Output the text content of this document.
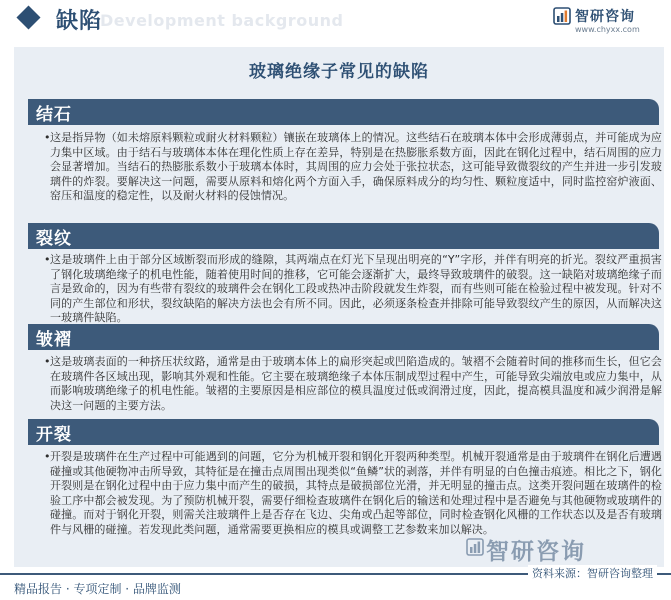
Development background
缺陷	智研咨询
www.chyxx.com
玻璃绝缘子常见的缺陷
结石
• 这是指异物（如未熔原料颗粒或耐火材料颗粒）镶嵌在玻璃体上的情况。这些结石在玻璃本体中会形成薄弱点，并可能成为应力集中区域。由于结石与玻璃体本体在理化性质上存在差异，特别是在热膨胀系数方面，因此在钢化过程中，结石周围的应力会显著增加。当结石的热膨胀系数小于玻璃本体时，其周围的应力会处于张拉状态，这可能导致微裂纹的产生并进一步引发玻璃件的炸裂。要解决这一问题，需要从原料和熔化两个方面入手，确保原料成分的均匀性、颗粒度适中，同时监控窑炉液面、窑压和温度的稳定性，以及耐火材料的侵蚀情况。
裂纹
• 这是玻璃件上由于部分区域断裂而形成的缝隙，其两端点在灯光下呈现出明亮的“Y”字形，并伴有明亮的折光。裂纹严重损害了钢化玻璃绝缘子的机电性能，随着使用时间的推移，它可能会逐渐扩大，最终导致玻璃件的破裂。这一缺陷对玻璃绝缘子而言是致命的，因为有些带有裂纹的玻璃件会在钢化工段或热冲击阶段就发生炸裂，而有些则可能在检验过程中被发现。针对不同的产生部位和形状，裂纹缺陷的解决方法也会有所不同。因此，必须逐条检查并排除可能导致裂纹产生的原因，从而解决这一玻璃件缺陷。
皱褶
• 这是玻璃表面的一种挤压状纹路，通常是由于玻璃本体上的扁形突起或凹陷造成的。皱褶不会随着时间的推移而生长，但它会在玻璃件各区域出现，影响其外观和性能。它主要在玻璃绝缘子本体压制成型过程中产生，可能导致尖端放电或应力集中，从而影响玻璃绝缘子的机电性能。皱褶的主要原因是相应部位的模具温度过低或润滑过度，因此，提高模具温度和减少润滑是解决这一问题的主要方法。
开裂
• 开裂是玻璃件在生产过程中可能遇到的问题，它分为机械开裂和钢化开裂两种类型。机械开裂通常是由于玻璃件在钢化后遭遇碰撞或其他硬物冲击所导致，其特征是在撞击点周围出现类似“鱼鳞”状的剥落，并伴有明显的白色撞击痕迹。相比之下，钢化开裂则是在钢化过程中由于应力集中而产生的破损，其特点是破损部位光滑，并无明显的撞击点。这类开裂问题在玻璃件的检验工序中都会被发现。为了预防机械开裂，需要仔细检查玻璃件在钢化后的输送和处理过程中是否避免与其他硬物或玻璃件的碰撞。而对于钢化开裂，则需关注玻璃件上是否存在飞边、尖角或凸起等部位，同时检查钢化风栅的工作状态以及是否有玻璃件与风栅的碰撞。若发现此类问题，通常需要更换相应的模具或调整工艺参数来加以解决。
智研咨询
精品报告 · 专项定制 · 品牌监测
资料来源：智研咨询整理
